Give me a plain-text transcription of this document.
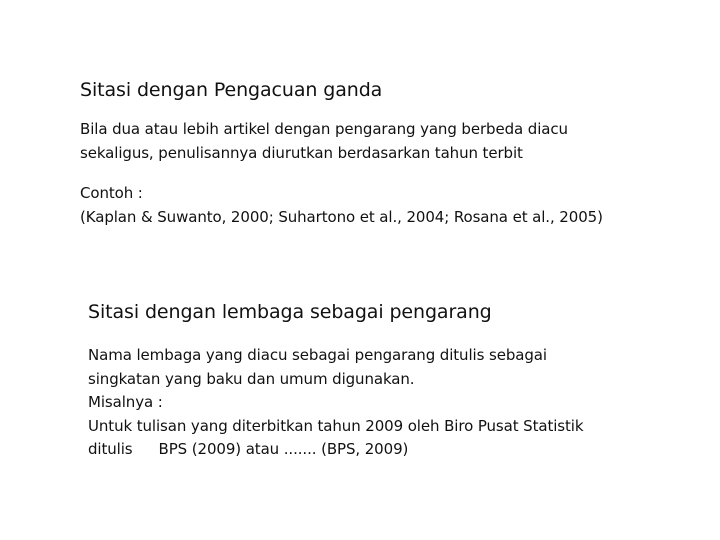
Sitasi dengan Pengacuan ganda
Bila dua atau lebih artikel dengan pengarang yang berbeda diacu
sekaligus, penulisannya diurutkan berdasarkan tahun terbit
Contoh :
(Kaplan & Suwanto, 2000; Suhartono et al., 2004; Rosana et al., 2005)
Sitasi dengan lembaga sebagai pengarang
Nama lembaga yang diacu sebagai pengarang ditulis sebagai
singkatan yang baku dan umum digunakan.
Misalnya :
Untuk tulisan yang diterbitkan tahun 2009 oleh Biro Pusat Statistik
ditulis BPS (2009) atau ....... (BPS, 2009)
